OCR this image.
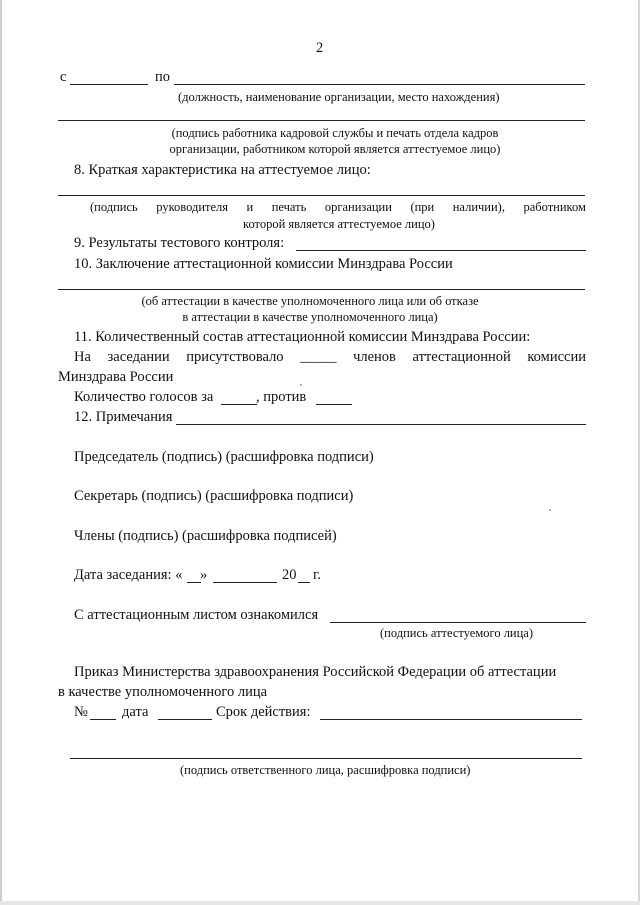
2
с	по
(должность, наименование организации, место нахождения)
(подпись работника кадровой службы и печать отдела кадров
организации, работником которой является аттестуемое лицо)
8. Краткая характеристика на аттестуемое лицо:
(подпись руководителя и печать организации (при наличии), работником
которой является аттестуемое лицо)
9. Результаты тестового контроля:
10. Заключение аттестационной комиссии Минздрава России
(об аттестации в качестве уполномоченного лица или об отказе
в аттестации в качестве уполномоченного лица)
11. Количественный состав аттестационной комиссии Минздрава России:
На заседании присутствовало _____ членов аттестационной комиссии
Минздрава России
Количество голосов за	, против
12. Примечания
Председатель (подпись) (расшифровка подписи)
Секретарь (подпись) (расшифровка подписи)
Члены (подпись) (расшифровка подписей)
Дата заседания: « »	20 г.
С аттестационным листом ознакомился
(подпись аттестуемого лица)
Приказ Министерства здравоохранения Российской Федерации об аттестации
в качестве уполномоченного лица
№ дата	Срок действия:
(подпись ответственного лица, расшифровка подписи)
